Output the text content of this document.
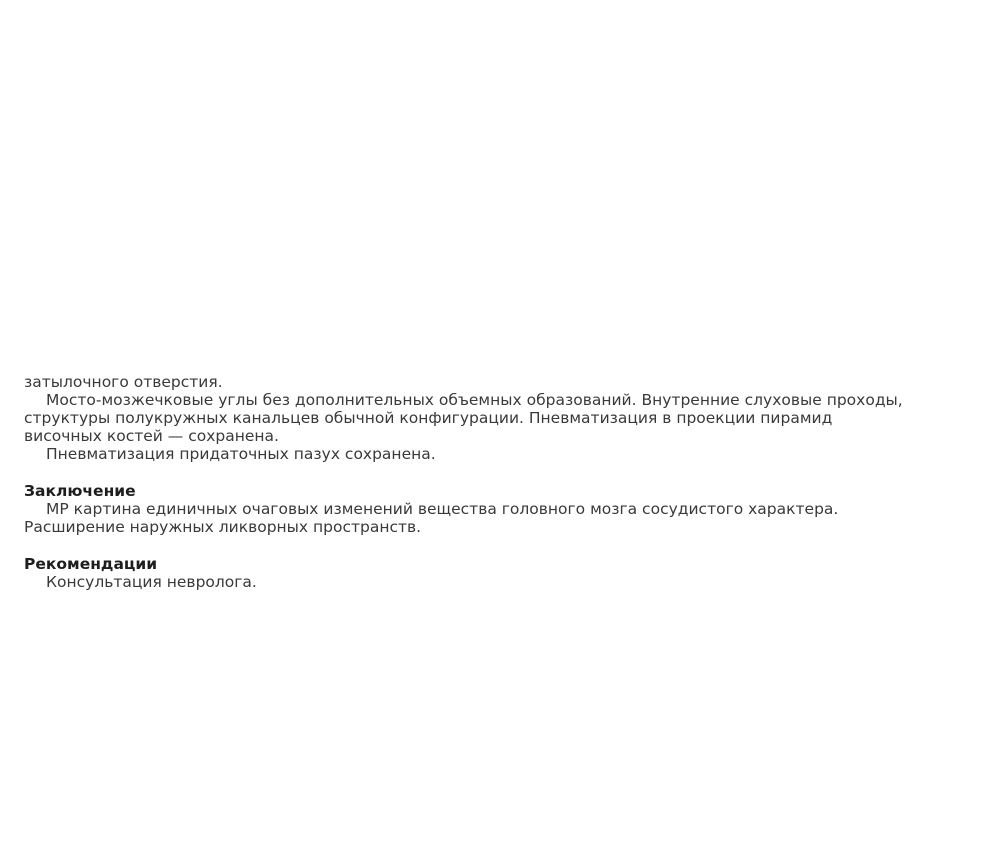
затылочного отверстия.
Мосто-мозжечковые углы без дополнительных объемных образований. Внутренние слуховые проходы,
структуры полукружных канальцев обычной конфигурации. Пневматизация в проекции пирамид
височных костей — сохранена.
Пневматизация придаточных пазух сохранена.
Заключение
МР картина единичных очаговых изменений вещества головного мозга сосудистого характера.
Расширение наружных ликворных пространств.
Рекомендации
Консультация невролога.
